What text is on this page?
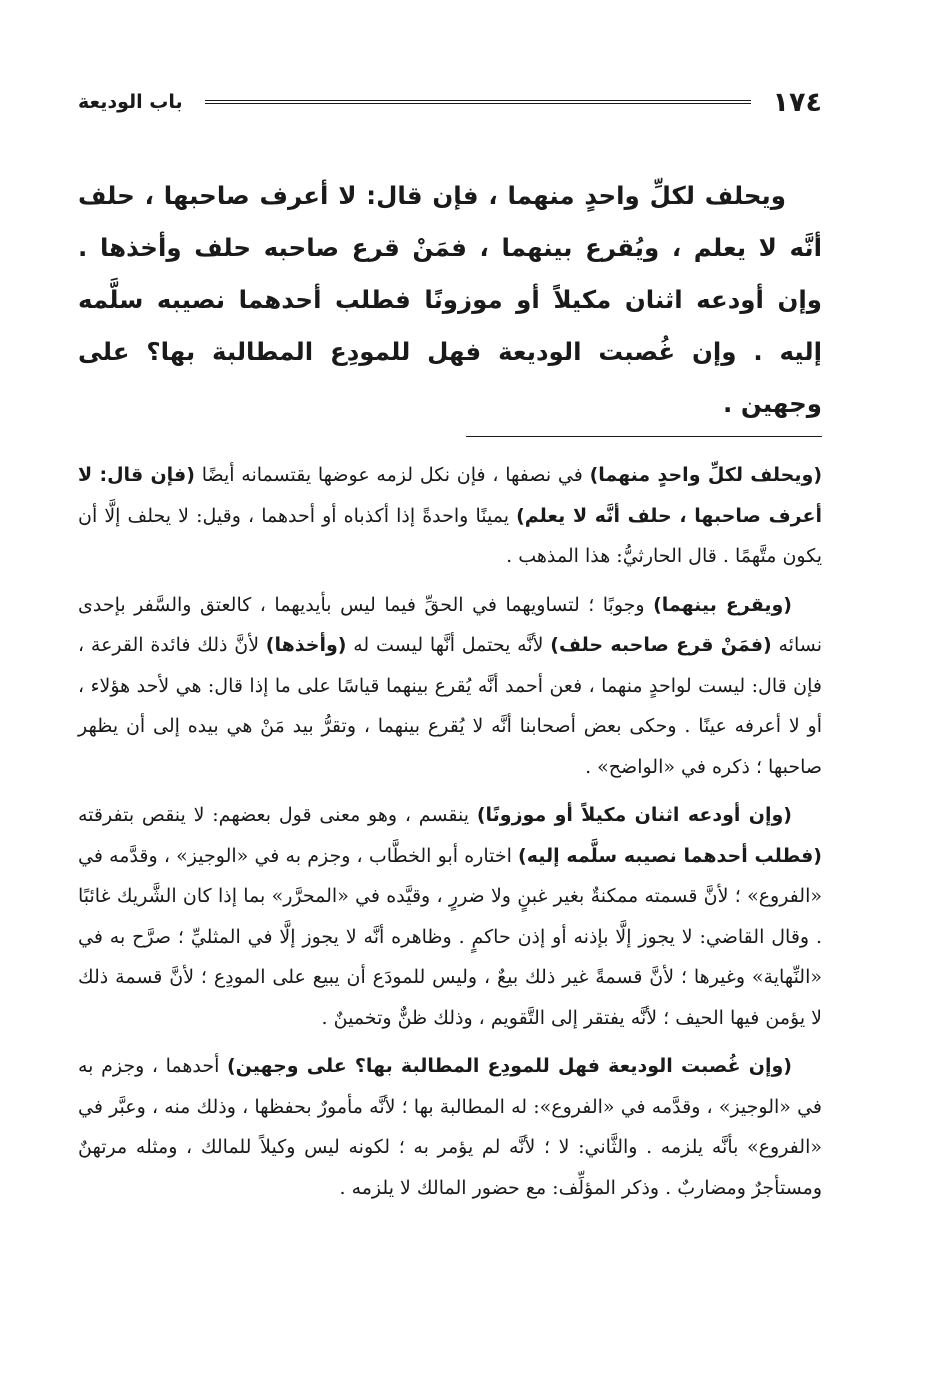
١٧٤
باب الوديعة
ويحلف لكلِّ واحدٍ منهما ، فإن قال: لا أعرف صاحبها ، حلف أنَّه لا يعلم ، ويُقرع بينهما ، فمَنْ قرع صاحبه حلف وأخذها . وإن أودعه اثنان مكيلاً أو موزونًا فطلب أحدهما نصيبه سلَّمه إليه . وإن غُصبت الوديعة فهل للمودِع المطالبة بها؟ على وجهين .

(ويحلف لكلِّ واحدٍ منهما) في نصفها ، فإن نكل لزمه عوضها يقتسمانه أيضًا (فإن قال: لا أعرف صاحبها ، حلف أنَّه لا يعلم) يمينًا واحدةً إذا أكذباه أو أحدهما ، وقيل: لا يحلف إلَّا أن يكون متَّهمًا . قال الحارثيُّ: هذا المذهب .

(ويقرع بينهما) وجوبًا ؛ لتساويهما في الحقِّ فيما ليس بأيديهما ، كالعتق والسَّفر بإحدى نسائه (فمَنْ قرع صاحبه حلف) لأنَّه يحتمل أنَّها ليست له (وأخذها) لأنَّ ذلك فائدة القرعة ، فإن قال: ليست لواحدٍ منهما ، فعن أحمد أنَّه يُقرع بينهما قياسًا على ما إذا قال: هي لأحد هؤلاء ، أو لا أعرفه عينًا . وحكى بعض أصحابنا أنَّه لا يُقرع بينهما ، وتقرُّ بيد مَنْ هي بيده إلى أن يظهر صاحبها ؛ ذكره في «الواضح» .

(وإن أودعه اثنان مكيلاً أو موزونًا) ينقسم ، وهو معنى قول بعضهم: لا ينقص بتفرقته (فطلب أحدهما نصيبه سلَّمه إليه) اختاره أبو الخطَّاب ، وجزم به في «الوجيز» ، وقدَّمه في «الفروع» ؛ لأنَّ قسمته ممكنةٌ بغير غبنٍ ولا ضررٍ ، وقيَّده في «المحرَّر» بما إذا كان الشَّريك غائبًا . وقال القاضي: لا يجوز إلَّا بإذنه أو إذن حاكمٍ . وظاهره أنَّه لا يجوز إلَّا في المثليِّ ؛ صرَّح به في «النِّهاية» وغيرها ؛ لأنَّ قسمةً غير ذلك بيعٌ ، وليس للمودَع أن يبيع على المودِع ؛ لأنَّ قسمة ذلك لا يؤمن فيها الحيف ؛ لأنَّه يفتقر إلى التَّقويم ، وذلك ظنٌّ وتخمينٌ .

(وإن غُصبت الوديعة فهل للمودِع المطالبة بها؟ على وجهين) أحدهما ، وجزم به في «الوجيز» ، وقدَّمه في «الفروع»: له المطالبة بها ؛ لأنَّه مأمورٌ بحفظها ، وذلك منه ، وعبَّر في «الفروع» بأنَّه يلزمه . والثَّاني: لا ؛ لأنَّه لم يؤمر به ؛ لكونه ليس وكيلاً للمالك ، ومثله مرتهنٌ ومستأجرٌ ومضاربٌ . وذكر المؤلِّف: مع حضور المالك لا يلزمه .
